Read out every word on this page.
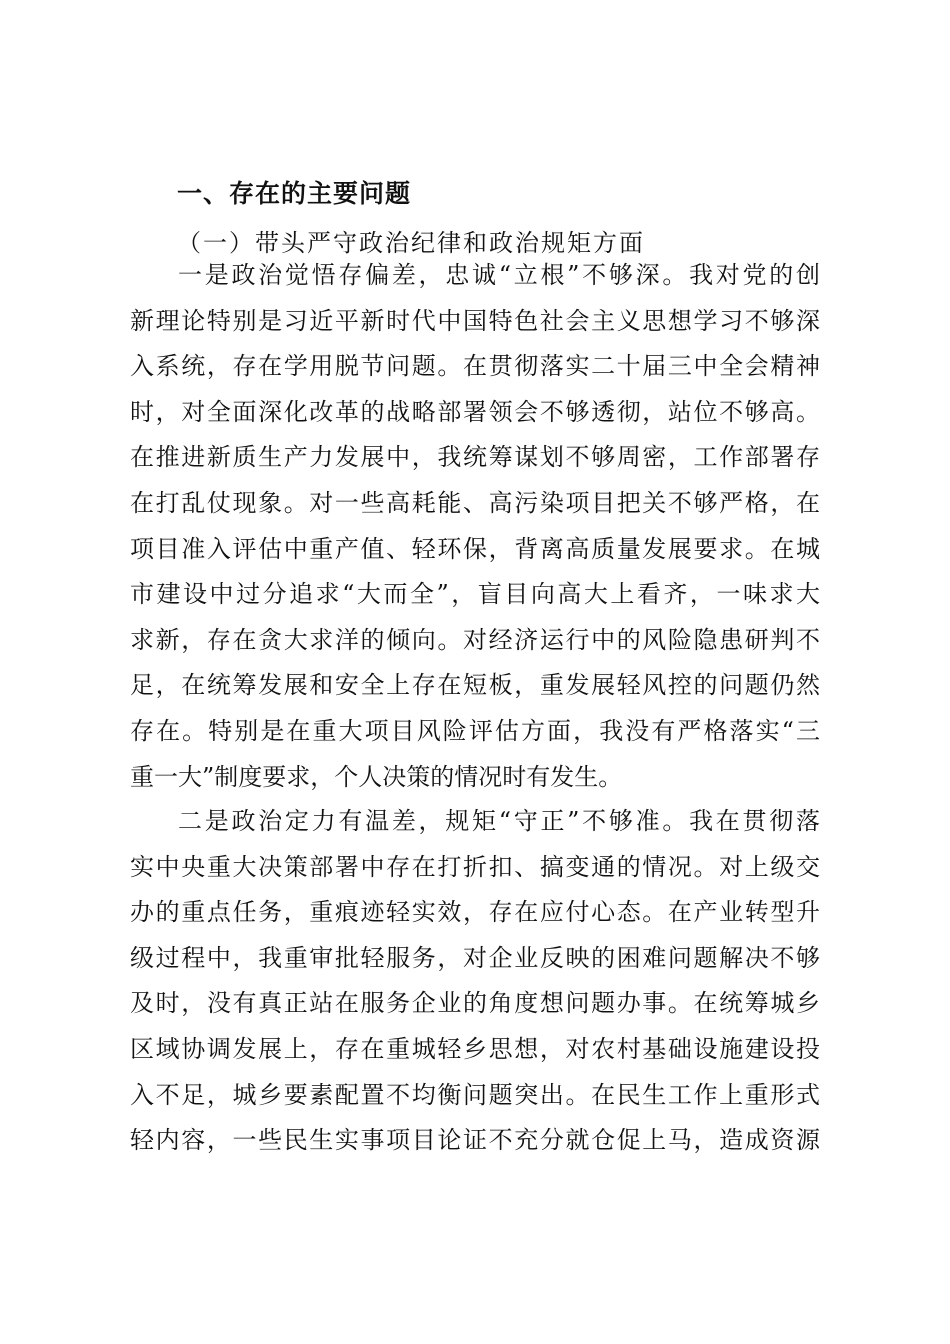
一、存在的主要问题
（一）带头严守政治纪律和政治规矩方面
一是政治觉悟存偏差，忠诚“立根”不够深。我对党的创
新理论特别是习近平新时代中国特色社会主义思想学习不够深
入系统，存在学用脱节问题。在贯彻落实二十届三中全会精神
时，对全面深化改革的战略部署领会不够透彻，站位不够高。
在推进新质生产力发展中，我统筹谋划不够周密，工作部署存
在打乱仗现象。对一些高耗能、高污染项目把关不够严格，在
项目准入评估中重产值、轻环保，背离高质量发展要求。在城
市建设中过分追求“大而全”，盲目向高大上看齐，一味求大
求新，存在贪大求洋的倾向。对经济运行中的风险隐患研判不
足，在统筹发展和安全上存在短板，重发展轻风控的问题仍然
存在。特别是在重大项目风险评估方面，我没有严格落实“三
重一大”制度要求，个人决策的情况时有发生。
二是政治定力有温差，规矩“守正”不够准。我在贯彻落
实中央重大决策部署中存在打折扣、搞变通的情况。对上级交
办的重点任务，重痕迹轻实效，存在应付心态。在产业转型升
级过程中，我重审批轻服务，对企业反映的困难问题解决不够
及时，没有真正站在服务企业的角度想问题办事。在统筹城乡
区域协调发展上，存在重城轻乡思想，对农村基础设施建设投
入不足，城乡要素配置不均衡问题突出。在民生工作上重形式
轻内容，一些民生实事项目论证不充分就仓促上马，造成资源
